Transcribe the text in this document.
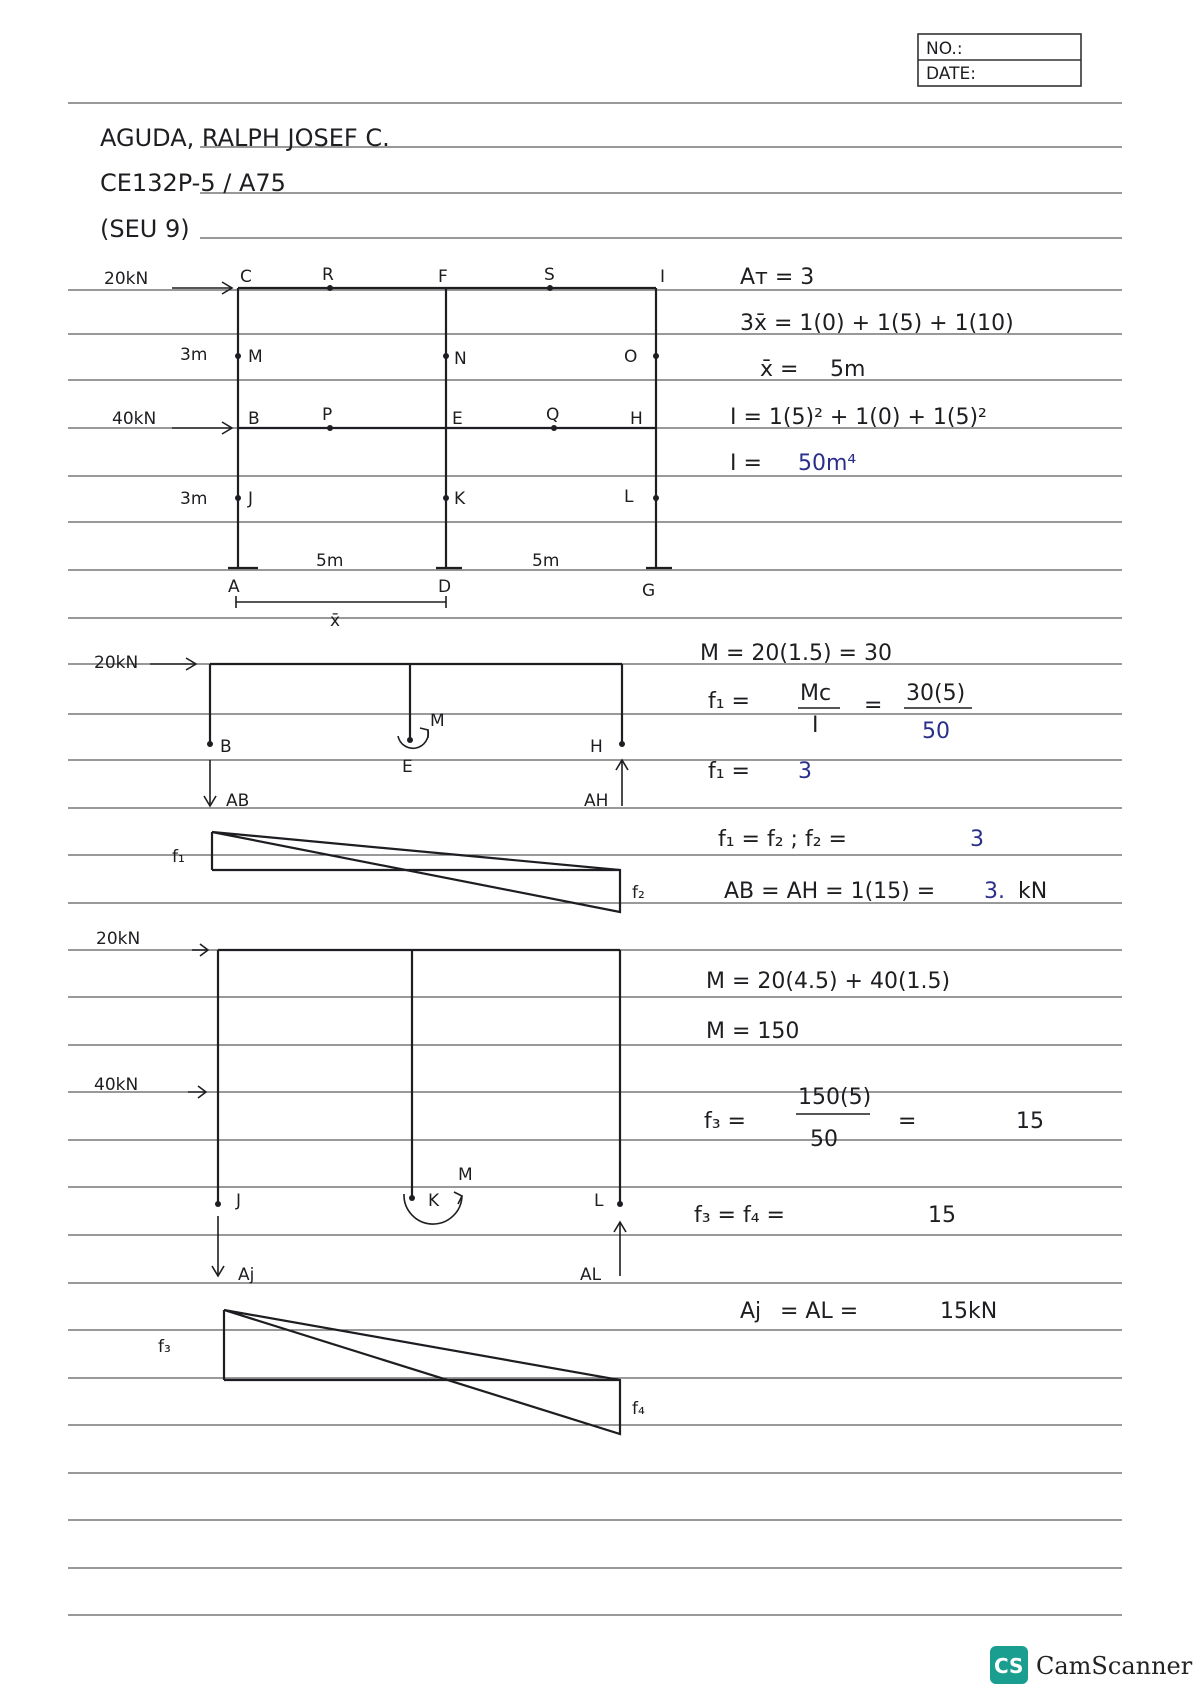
NO.:
DATE:
AGUDA, RALPH JOSEF C.
CE132P-5 / A75
(SEU 9)
20kN
40kN
3m
3m
5m	5m
x̄
C	R	F	S	I
M	N	O
B	P	E	Q	H
J	K	L
A	D	G
Aᴛ = 3
3x̄ = 1(0) + 1(5) + 1(10)
x̄ = 5m
I = 1(5)² + 1(0) + 1(5)²
I = 50m⁴
20kN
B
E
H
M
AB	AH
f₁
f₂
M = 20(1.5) = 30
f₁ = Mc
I
= 30(5)
50
f₁ = 3
f₁ = f₂ ; f₂ =	3
AB = AH = 1(15) = 3. kN
20kN
40kN
J	K	L
M
Aj	AL
f₃
f₄
M = 20(4.5) + 40(1.5)
M = 150
f₃ =
150(5)
50
=	15
f₃ = f₄ =	15
Aj = AL =	15kN
CS CamScanner
